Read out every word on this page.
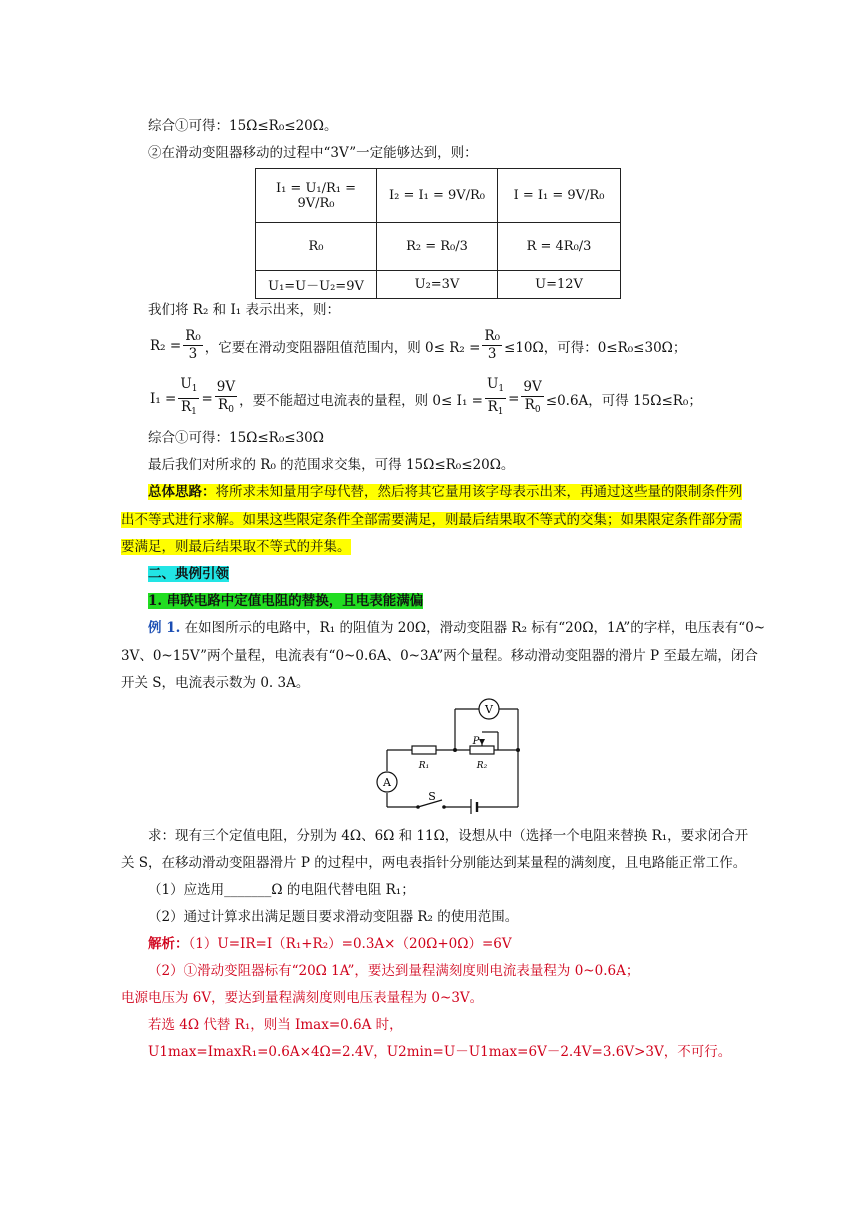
综合①可得：15Ω≤R₀≤20Ω。
②在滑动变阻器移动的过程中“3V”一定能够达到，则：
I₁ = U₁/R₁ = 9V/R₀	I₂ = I₁ = 9V/R₀	I = I₁ = 9V/R₀
R₀	R₂ = R₀/3	R = 4R₀/3
U₁=U－U₂=9V	U₂=3V	U=12V
我们将 R₂ 和 I₁ 表示出来，则：
$R_2 = \frac{\text{R₀}}{3}$ ，它要在滑动变阻器阻值范围内，则 $0\le R_2 = \frac{\text{R₀}}{3} \le 10\Omega$，可得：0≤R₀≤30Ω；
$I_1 = \frac{U_1}{R_1} = \frac{9V}{R_0}$ ，要不能超过电流表的量程，则 $0\le I_1 = \frac{U_1}{R_1} = \frac{9V}{R_0} \le 0.6A$，可得 15Ω≤R₀；
综合①可得：15Ω≤R₀≤30Ω
最后我们对所求的 R₀ 的范围求交集，可得 15Ω≤R₀≤20Ω。
总体思路：将所求未知量用字母代替，然后将其它量用该字母表示出来，再通过这些量的限制条件列
出不等式进行求解。如果这些限定条件全部需要满足，则最后结果取不等式的交集；如果限定条件部分需
要满足，则最后结果取不等式的并集。
二、典例引领
1. 串联电路中定值电阻的替换，且电表能满偏
例 1. 在如图所示的电路中，R₁ 的阻值为 20Ω，滑动变阻器 R₂ 标有“20Ω，1A”的字样，电压表有“0~
3V、0~15V”两个量程，电流表有“0~0.6A、0~3A”两个量程。移动滑动变阻器的滑片 P 至最左端，闭合
开关 S，电流表示数为 0. 3A。
V
A
R₁	R₂
P
S
求：现有三个定值电阻，分别为 4Ω、6Ω 和 11Ω，设想从中（选择一个电阻来替换 R₁，要求闭合开
关 S，在移动滑动变阻器滑片 P 的过程中，两电表指针分别能达到某量程的满刻度，且电路能正常工作。
（1）应选用_______Ω 的电阻代替电阻 R₁；
（2）通过计算求出满足题目要求滑动变阻器 R₂ 的使用范围。
解析：（1）U=IR=I（R₁+R₂）=0.3A×（20Ω+0Ω）=6V
（2）①滑动变阻器标有“20Ω 1A”，要达到量程满刻度则电流表量程为 0~0.6A；
电源电压为 6V，要达到量程满刻度则电压表量程为 0~3V。
若选 4Ω 代替 R₁，则当 Imax=0.6A 时，
U1max=ImaxR₁=0.6A×4Ω=2.4V，U2min=U－U1max=6V－2.4V=3.6V>3V，不可行。
